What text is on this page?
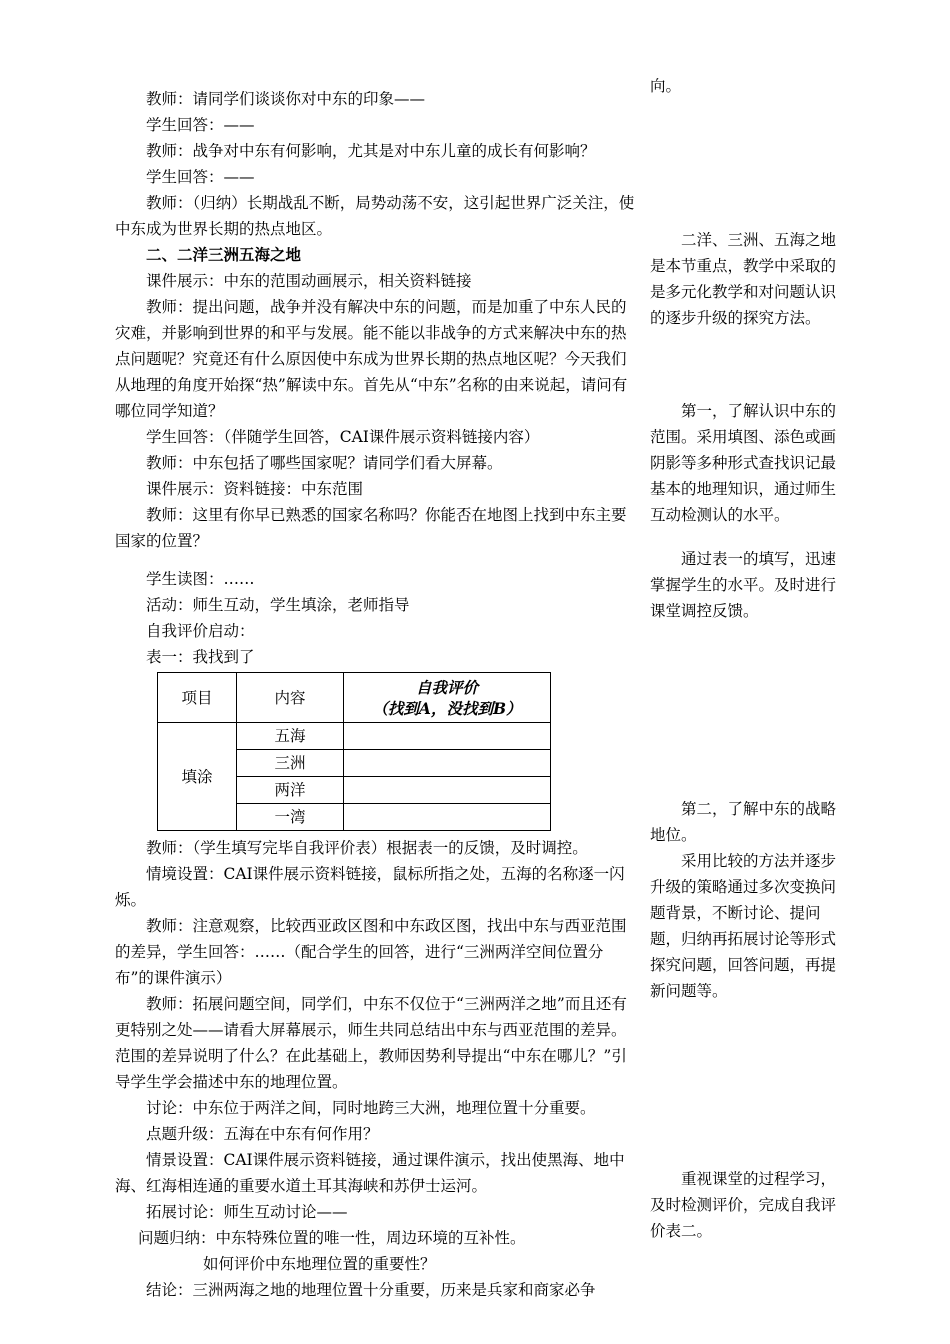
教师：请同学们谈谈你对中东的印象——

学生回答：——

教师：战争对中东有何影响，尤其是对中东儿童的成长有何影响？

学生回答：——

教师：（归纳）长期战乱不断，局势动荡不安，这引起世界广泛关注，使中东成为世界长期的热点地区。

二、二洋三洲五海之地

课件展示：中东的范围动画展示，相关资料链接

教师：提出问题，战争并没有解决中东的问题，而是加重了中东人民的灾难，并影响到世界的和平与发展。能不能以非战争的方式来解决中东的热点问题呢？究竟还有什么原因使中东成为世界长期的热点地区呢？今天我们从地理的角度开始探“热”解读中东。首先从“中东”名称的由来说起，请问有哪位同学知道？

学生回答：（伴随学生回答，CAI课件展示资料链接内容）

教师：中东包括了哪些国家呢？请同学们看大屏幕。

课件展示：资料链接：中东范围

教师：这里有你早已熟悉的国家名称吗？你能否在地图上找到中东主要国家的位置？

学生读图：……

活动：师生互动，学生填涂，老师指导

自我评价启动：

表一：我找到了

项目	内容	自我评价
（找到A，没找到B）

填涂	五海	
	三洲	
	两洋	
	一湾	

教师：（学生填写完毕自我评价表）根据表一的反馈，及时调控。

情境设置：CAI课件展示资料链接，鼠标所指之处，五海的名称逐一闪烁。

教师：注意观察，比较西亚政区图和中东政区图，找出中东与西亚范围的差异，学生回答：……（配合学生的回答，进行“三洲两洋空间位置分布”的课件演示）

教师：拓展问题空间，同学们，中东不仅位于“三洲两洋之地”而且还有更特别之处——请看大屏幕展示，师生共同总结出中东与西亚范围的差异。范围的差异说明了什么？在此基础上，教师因势利导提出“中东在哪儿？”引导学生学会描述中东的地理位置。

讨论：中东位于两洋之间，同时地跨三大洲，地理位置十分重要。

点题升级：五海在中东有何作用？

情景设置：CAI课件展示资料链接，通过课件演示，找出使黑海、地中海、红海相连通的重要水道土耳其海峡和苏伊士运河。

拓展讨论：师生互动讨论——

问题归纳：中东特殊位置的唯一性，周边环境的互补性。

如何评价中东地理位置的重要性？

结论：三洲两海之地的地理位置十分重要，历来是兵家和商家必争

向。

二洋、三洲、五海之地是本节重点，教学中采取的是多元化教学和对问题认识的逐步升级的探究方法。

第一，了解认识中东的范围。采用填图、添色或画阴影等多种形式查找识记最基本的地理知识，通过师生互动检测认的水平。

通过表一的填写，迅速掌握学生的水平。及时进行课堂调控反馈。

第二，了解中东的战略地位。

采用比较的方法并逐步升级的策略通过多次变换问题背景，不断讨论、提问题，归纳再拓展讨论等形式探究问题，回答问题，再提新问题等。

重视课堂的过程学习，及时检测评价，完成自我评价表二。
